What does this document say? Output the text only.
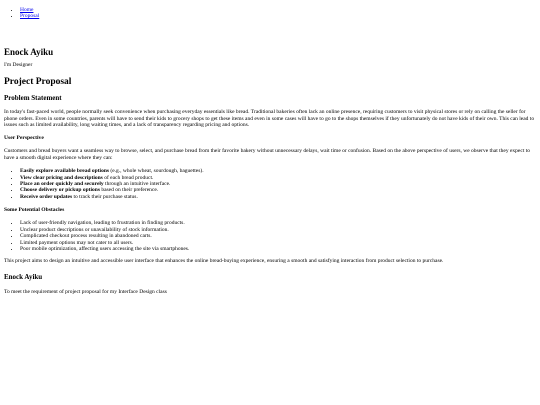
• Home
• Proposal
Enock Ayiku

I'm Designer

Project Proposal
Problem Statement

In today's fast-paced world, people normally seek convenience when purchasing everyday essentials like bread. Traditional bakeries often lack an online presence, requiring customers to visit physical stores or rely on calling the seller for phone orders. Even in some countries, parents will have to send their kids to grocery shops to get these items and even in some cases will have to go to the shops themselves if they unfortunately do not have kids of their own. This can lead to issues such as limited availability, long waiting times, and a lack of transparency regarding pricing and options.

User Perspective

Customers and bread buyers want a seamless way to browse, select, and purchase bread from their favorite bakery without unnecessary delays, wait time or confusion. Based on the above perspective of users, we observe that they expect to have a smooth digital experience where they can:

• Easily explore available bread options (e.g., whole wheat, sourdough, baguettes).
• View clear pricing and descriptions of each bread product.
• Place an order quickly and securely through an intuitive interface.
• Choose delivery or pickup options based on their preference.
• Receive order updates to track their purchase status.
Some Potential Obstacles
• Lack of user-friendly navigation, leading to frustration in finding products.
• Unclear product descriptions or unavailability of stock information.
• Complicated checkout process resulting in abandoned carts.
• Limited payment options may not cater to all users.
• Poor mobile optimization, affecting users accessing the site via smartphones.

This project aims to design an intuitive and accessible user interface that enhances the online bread-buying experience, ensuring a smooth and satisfying interaction from product selection to purchase.

Enock Ayiku

To meet the requirement of project proposal for my Interface Design class
